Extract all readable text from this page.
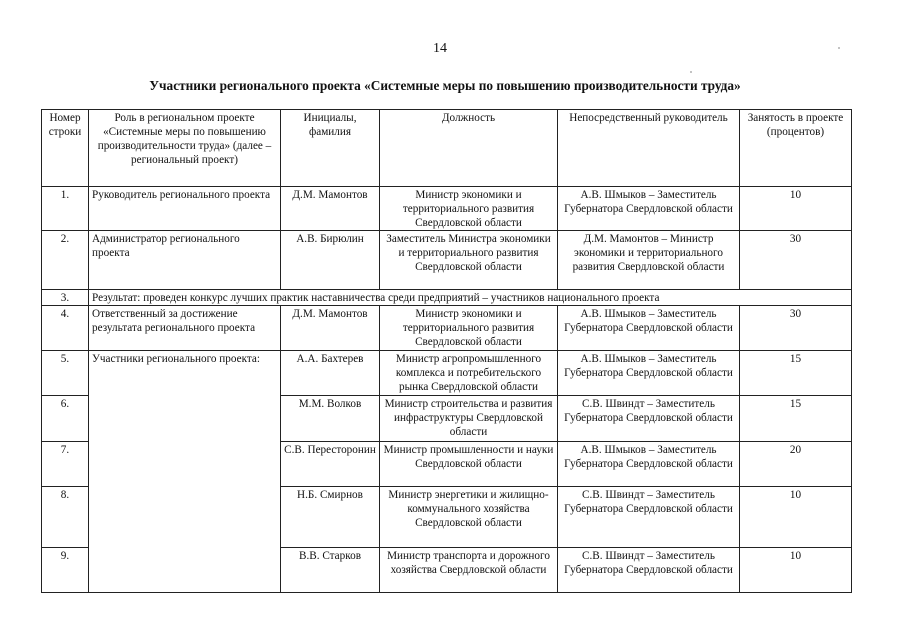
14
Участники регионального проекта «Системные меры по повышению производительности труда»
Номер строки	Роль в региональном проекте «Системные меры по повышению производительности труда» (далее – региональный проект)	Инициалы, фамилия	Должность	Непосредственный руководитель	Занятость в проекте (процентов)
1.	Руководитель регионального проекта	Д.М. Мамонтов	Министр экономики и территориального развития Свердловской области	А.В. Шмыков – Заместитель Губернатора Свердловской области	10
2.	Администратор регионального проекта	А.В. Бирюлин	Заместитель Министра экономики и территориального развития Свердловской области	Д.М. Мамонтов – Министр экономики и территориального развития Свердловской области	30
3.	Результат: проведен конкурс лучших практик наставничества среди предприятий – участников национального проекта				
4.	Ответственный за достижение результата регионального проекта	Д.М. Мамонтов	Министр экономики и территориального развития Свердловской области	А.В. Шмыков – Заместитель Губернатора Свердловской области	30
5.	Участники регионального проекта:	А.А. Бахтерев	Министр агропромышленного комплекса и потребительского рынка Свердловской области	А.В. Шмыков – Заместитель Губернатора Свердловской области	15
6.		М.М. Волков	Министр строительства и развития инфраструктуры Свердловской области	С.В. Швиндт – Заместитель Губернатора Свердловской области	15
7.		С.В. Пересторонин	Министр промышленности и науки Свердловской области	А.В. Шмыков – Заместитель Губернатора Свердловской области	20
8.		Н.Б. Смирнов	Министр энергетики и жилищно-коммунального хозяйства Свердловской области	С.В. Швиндт – Заместитель Губернатора Свердловской области	10
9.		В.В. Старков	Министр транспорта и дорожного хозяйства Свердловской области	С.В. Швиндт – Заместитель Губернатора Свердловской области	10
